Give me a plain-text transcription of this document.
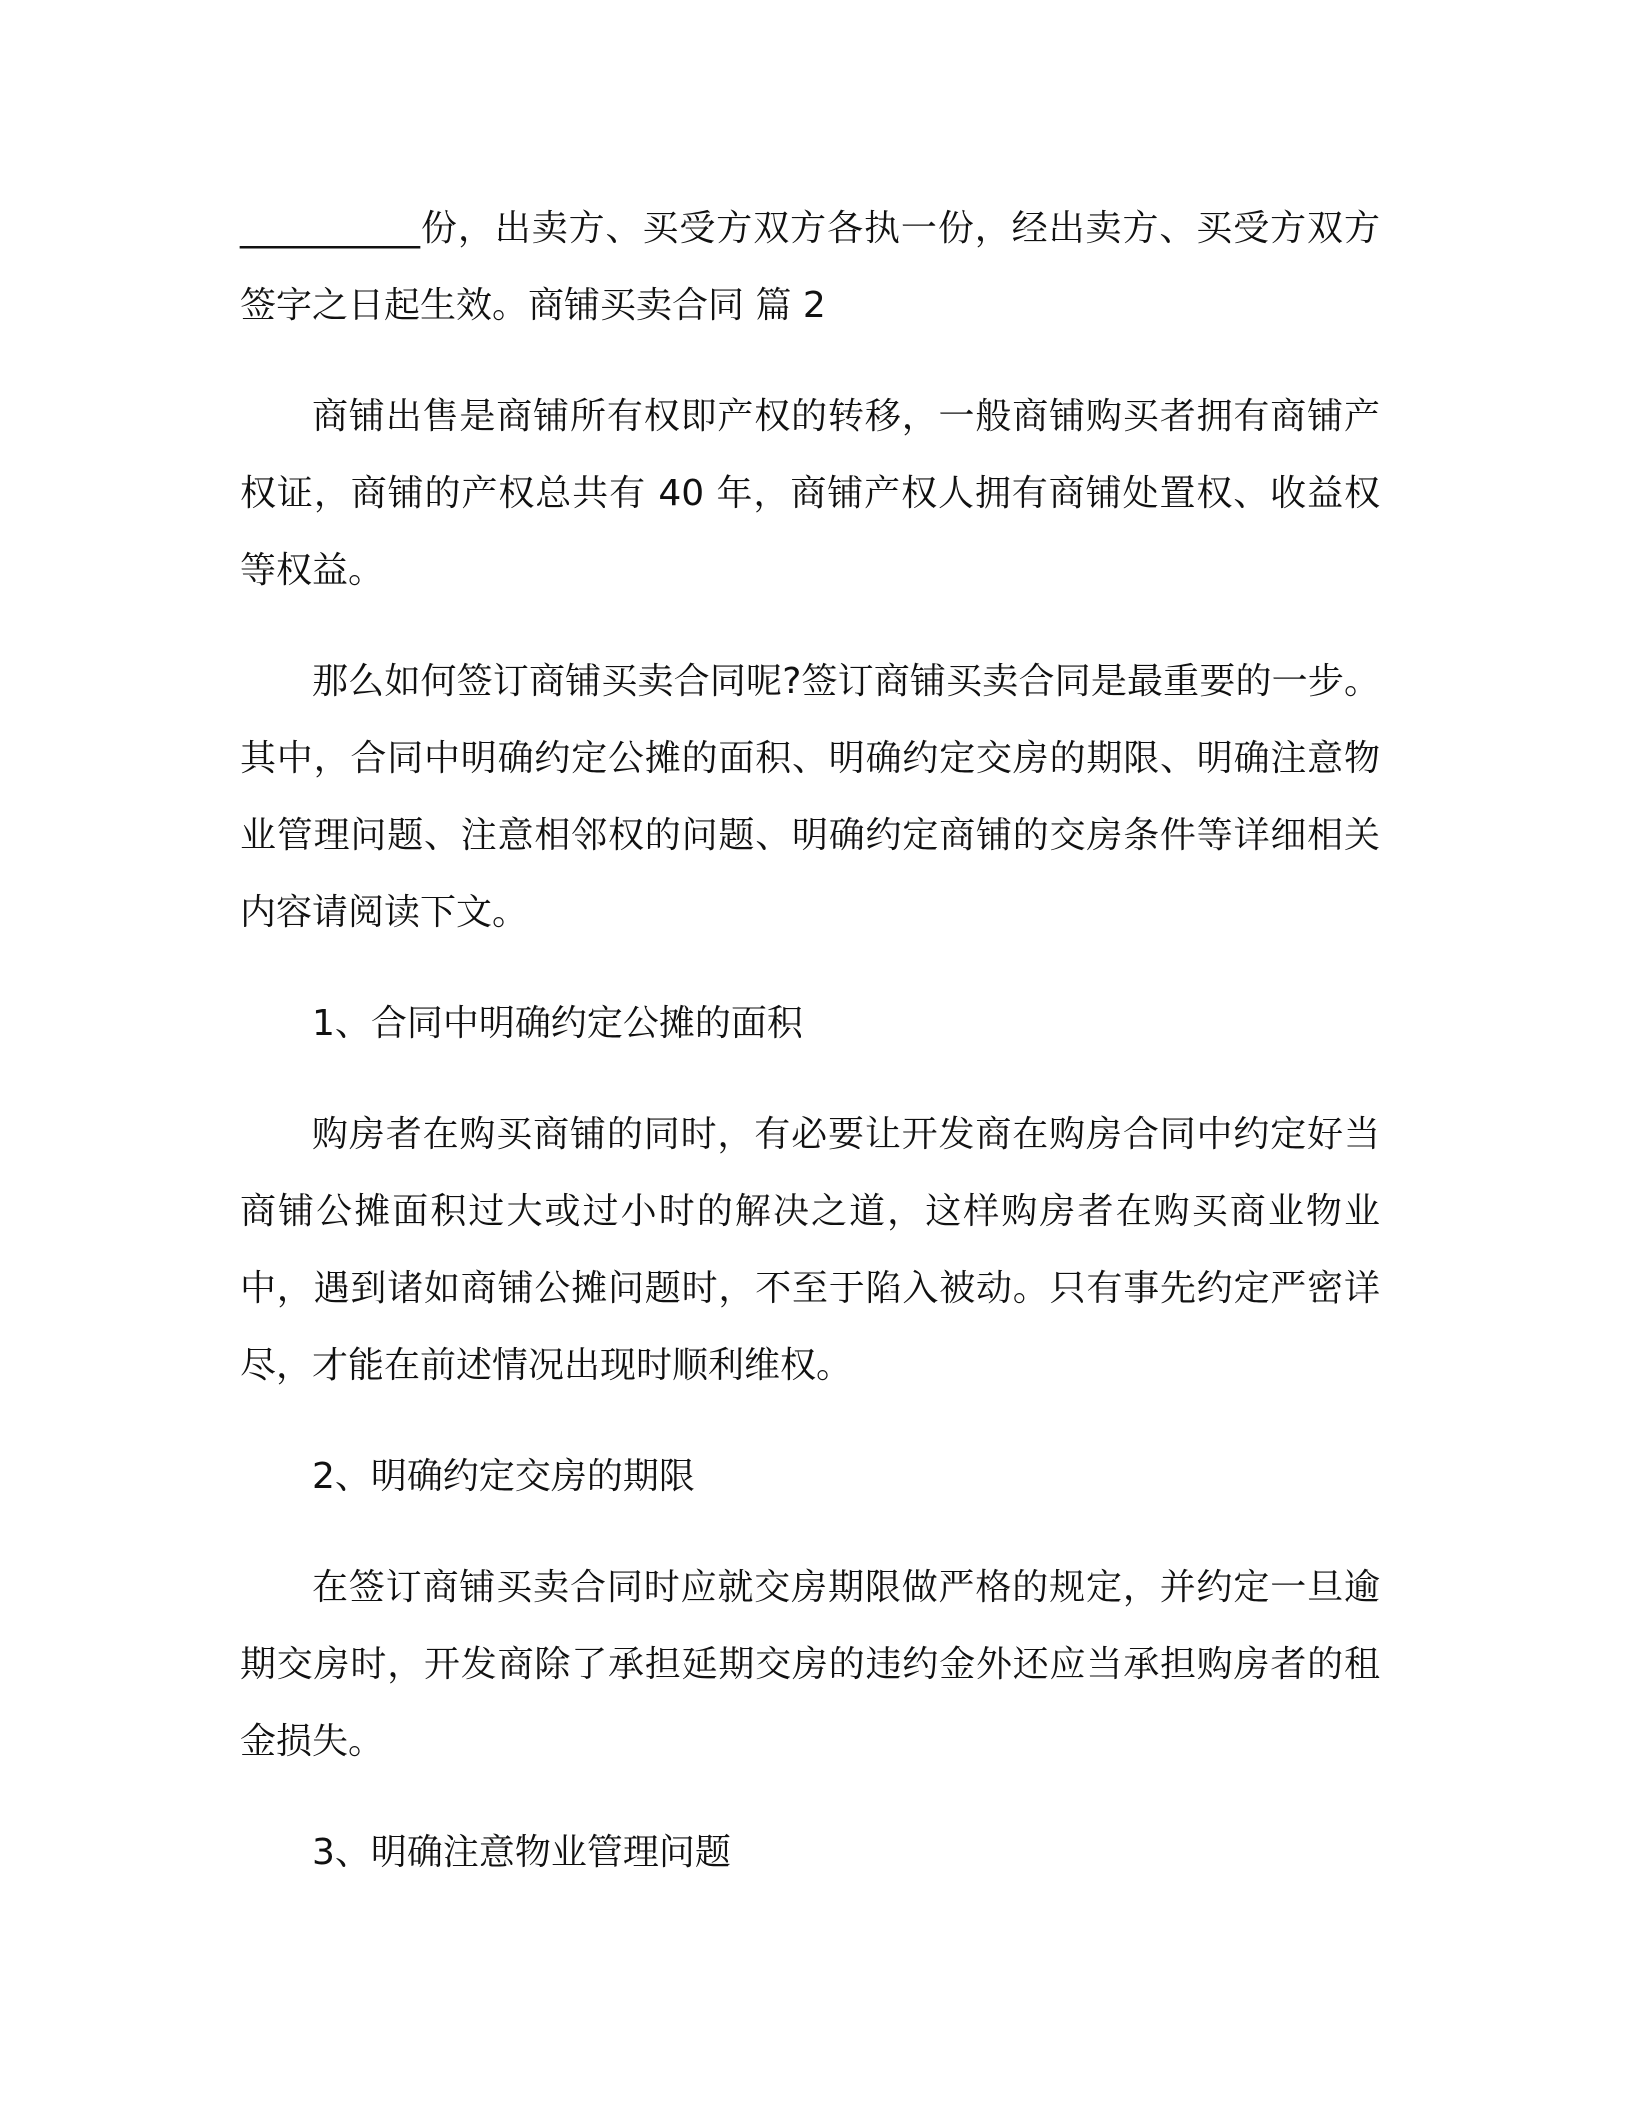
__________份，出卖方、买受方双方各执一份，经出卖方、买受方双方签字之日起生效。商铺买卖合同 篇 2

商铺出售是商铺所有权即产权的转移，一般商铺购买者拥有商铺产权证，商铺的产权总共有 40 年，商铺产权人拥有商铺处置权、收益权等权益。

那么如何签订商铺买卖合同呢?签订商铺买卖合同是最重要的一步。其中，合同中明确约定公摊的面积、明确约定交房的期限、明确注意物业管理问题、注意相邻权的问题、明确约定商铺的交房条件等详细相关内容请阅读下文。

1、合同中明确约定公摊的面积

购房者在购买商铺的同时，有必要让开发商在购房合同中约定好当商铺公摊面积过大或过小时的解决之道，这样购房者在购买商业物业中，遇到诸如商铺公摊问题时，不至于陷入被动。只有事先约定严密详尽，才能在前述情况出现时顺利维权。

2、明确约定交房的期限

在签订商铺买卖合同时应就交房期限做严格的规定，并约定一旦逾期交房时，开发商除了承担延期交房的违约金外还应当承担购房者的租金损失。

3、明确注意物业管理问题
